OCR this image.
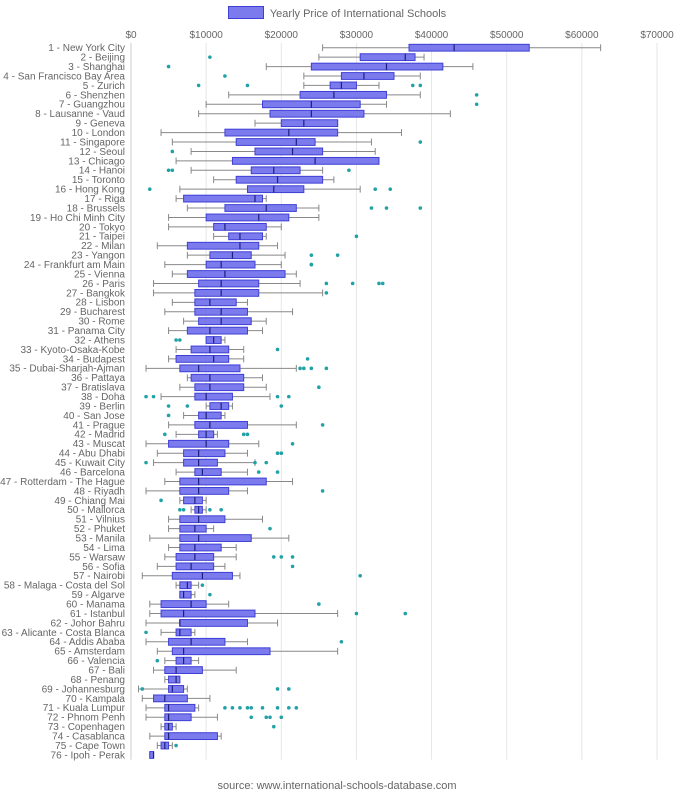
Yearly Price of International Schools
$0	$10000	$20000	$30000	$40000	$50000	$60000	$70000
1 - New York City
2 - Beijing
3 - Shanghai
4 - San Francisco Bay Area
5 - Zurich
6 - Shenzhen
7 - Guangzhou
8 - Lausanne - Vaud
9 - Geneva
10 - London
11 - Singapore
12 - Seoul
13 - Chicago
14 - Hanoi
15 - Toronto
16 - Hong Kong
17 - Riga
18 - Brussels
19 - Ho Chi Minh City
20 - Tokyo
21 - Taipei
22 - Milan
23 - Yangon
24 - Frankfurt am Main
25 - Vienna
26 - Paris
27 - Bangkok
28 - Lisbon
29 - Bucharest
30 - Rome
31 - Panama City
32 - Athens
33 - Kyoto-Osaka-Kobe
34 - Budapest
35 - Dubai-Sharjah-Ajman
36 - Pattaya
37 - Bratislava
38 - Doha
39 - Berlin
40 - San Jose
41 - Prague
42 - Madrid
43 - Muscat
44 - Abu Dhabi
45 - Kuwait City
46 - Barcelona
47 - Rotterdam - The Hague
48 - Riyadh
49 - Chiang Mai
50 - Mallorca
51 - Vilnius
52 - Phuket
53 - Manila
54 - Lima
55 - Warsaw
56 - Sofia
57 - Nairobi
58 - Malaga - Costa del Sol
59 - Algarve
60 - Manama
61 - Istanbul
62 - Johor Bahru
63 - Alicante - Costa Blanca
64 - Addis Ababa
65 - Amsterdam
66 - Valencia
67 - Bali
68 - Penang
69 - Johannesburg
70 - Kampala
71 - Kuala Lumpur
72 - Phnom Penh
73 - Copenhagen
74 - Casablanca
75 - Cape Town
76 - Ipoh - Perak
source: www.international-schools-database.com
